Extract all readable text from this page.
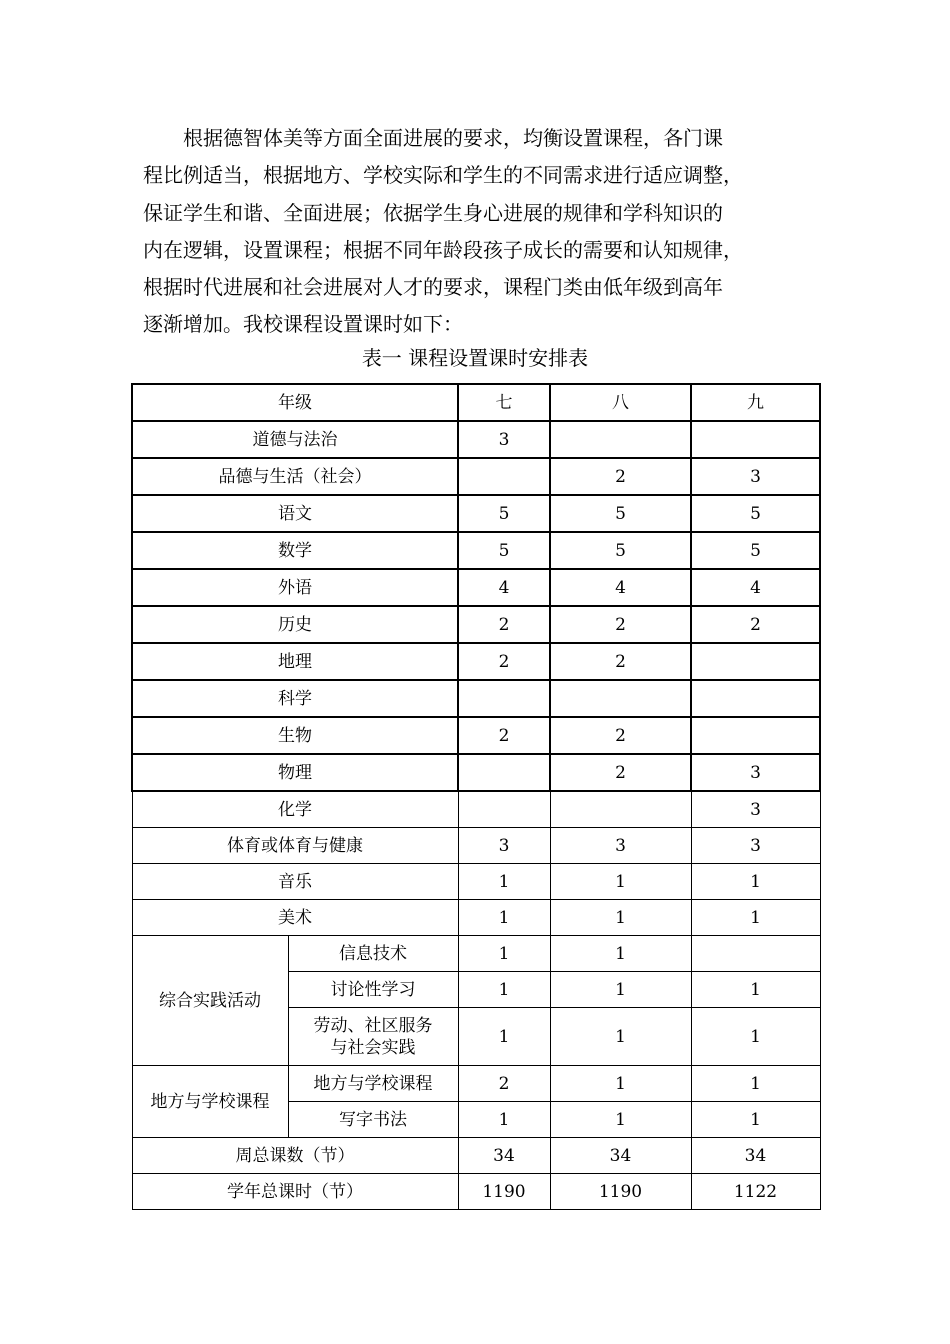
根据德智体美等方面全面进展的要求，均衡设置课程，各门课
程比例适当，根据地方、学校实际和学生的不同需求进行适应调整，
保证学生和谐、全面进展；依据学生身心进展的规律和学科知识的
内在逻辑，设置课程；根据不同年龄段孩子成长的需要和认知规律，
根据时代进展和社会进展对人才的要求，课程门类由低年级到高年
逐渐增加。我校课程设置课时如下：
表一 课程设置课时安排表
年级		七	八	九
道德与法治		3		
品德与生活（社会）			2	3
语文		5	5	5
数学		5	5	5
外语		4	4	4
历史		2	2	2
地理		2	2	
科学				
生物		2	2	
物理			2	3
化学				3
体育或体育与健康		3	3	3
音乐		1	1	1
美术		1	1	1
综合实践活动	信息技术	1	1	
	讨论性学习	1	1	1
	劳动、社区服务
与社会实践	1	1	1
地方与学校课程	地方与学校课程	2	1	1
	写字书法	1	1	1
周总课数（节）		34	34	34
学年总课时（节）		1190	1190	1122
